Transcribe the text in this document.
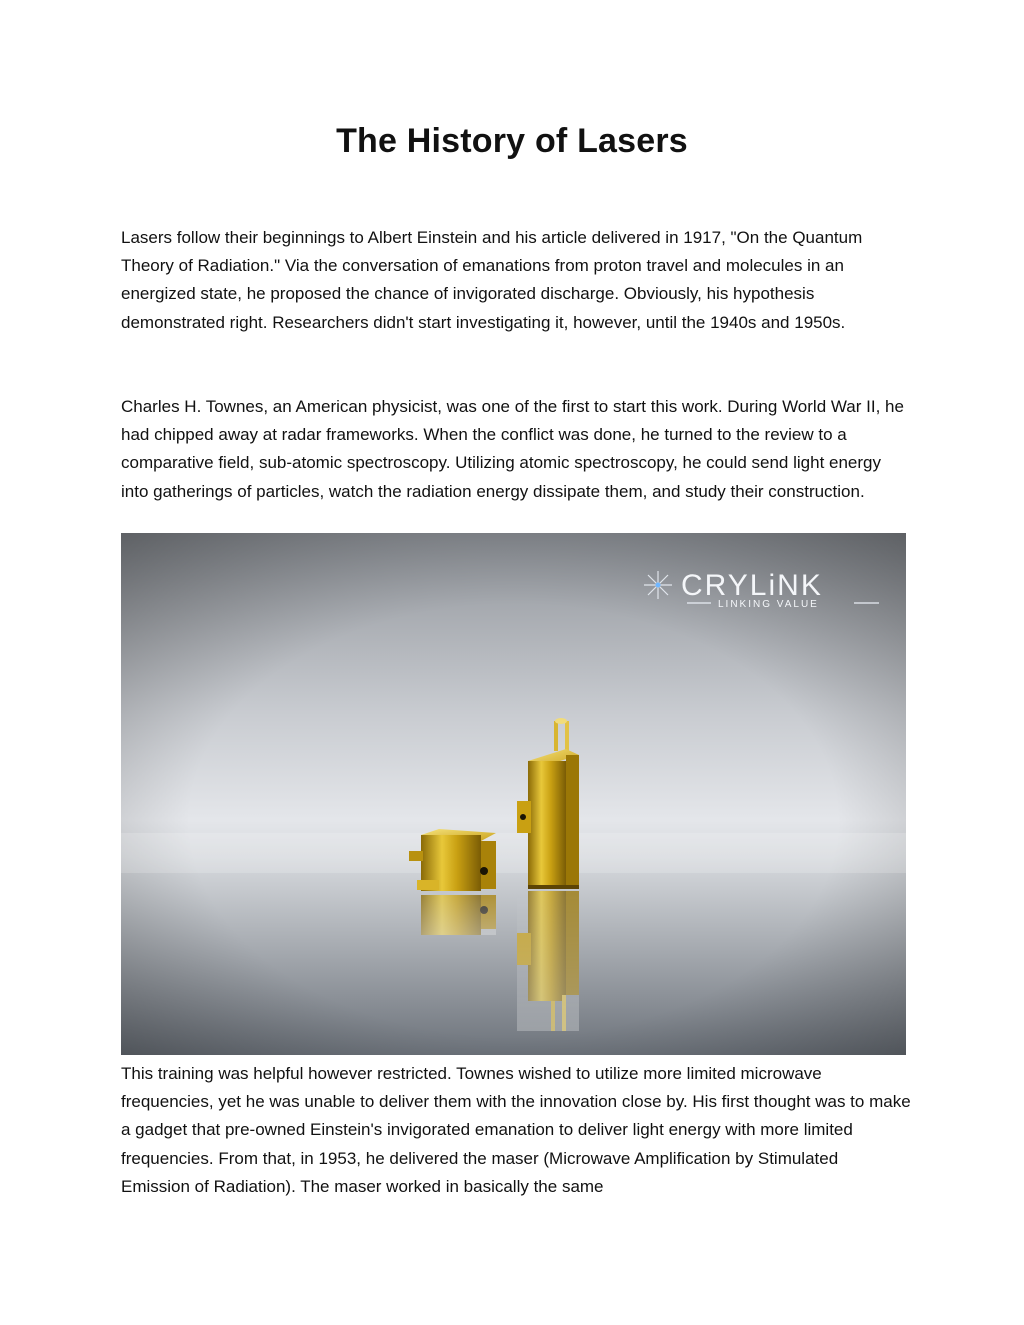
The History of Lasers

Lasers follow their beginnings to Albert Einstein and his article delivered in 1917, "On the Quantum Theory of Radiation." Via the conversation of emanations from proton travel and molecules in an energized state, he proposed the chance of invigorated discharge. Obviously, his hypothesis demonstrated right. Researchers didn't start investigating it, however, until the 1940s and 1950s.

Charles H. Townes, an American physicist, was one of the first to start this work. During World War II, he had chipped away at radar frameworks. When the conflict was done, he turned to the review to a comparative field, sub-atomic spectroscopy. Utilizing atomic spectroscopy, he could send light energy into gatherings of particles, watch the radiation energy dissipate them, and study their construction.

CRYLiNK
LINKING VALUE

This training was helpful however restricted. Townes wished to utilize more limited microwave frequencies, yet he was unable to deliver them with the innovation close by. His first thought was to make a gadget that pre-owned Einstein's invigorated emanation to deliver light energy with more limited frequencies. From that, in 1953, he delivered the maser (Microwave Amplification by Stimulated Emission of Radiation). The maser worked in basically the same
